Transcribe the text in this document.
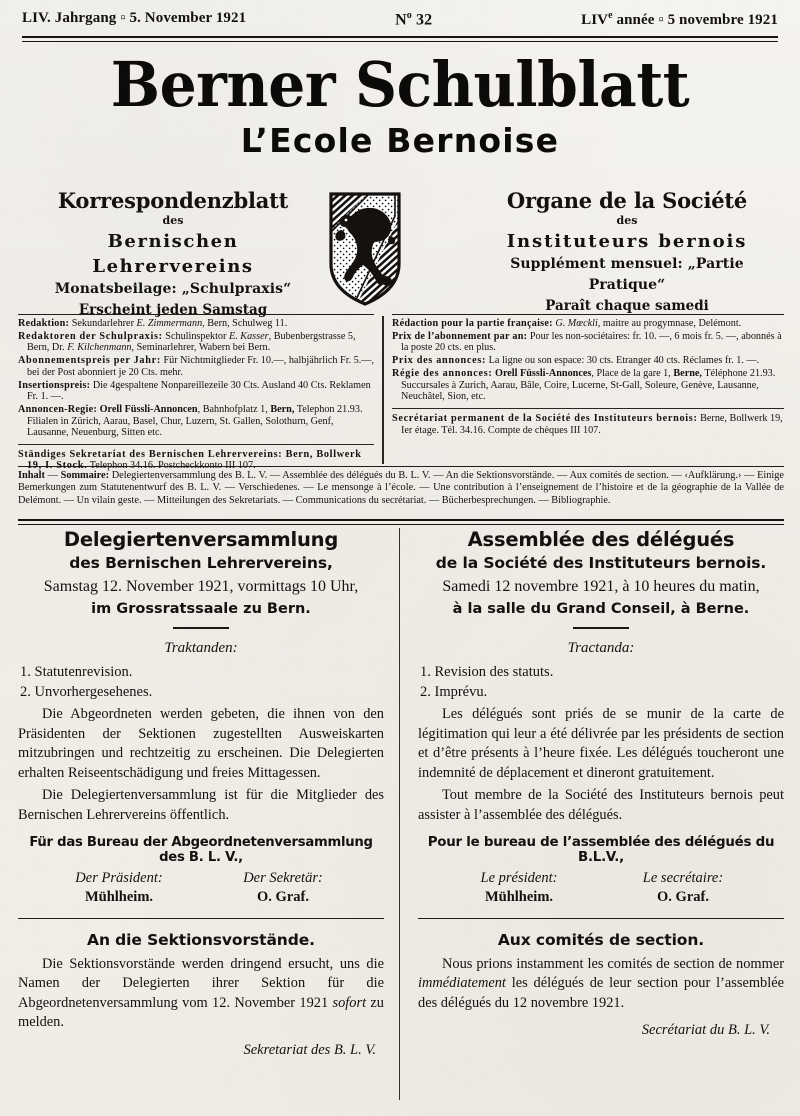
LIV. Jahrgang ▫ 5. November 1921	$N^o$ 32	LIVe année ▫ 5 novembre 1921
Berner Schulblatt
L’Ecole Bernoise
Korrespondenzblatt
des
Bernischen Lehrervereins
Monatsbeilage: „Schulpraxis“
Erscheint jeden Samstag
Organe de la Société
des
Instituteurs bernois
Supplément mensuel: „Partie Pratique“
Paraît chaque samedi

Redaktion: Sekundarlehrer E. Zimmermann, Bern, Schulweg 11.

Redaktoren der Schulpraxis: Schulinspektor E. Kasser, Bubenbergstrasse 5, Bern, Dr. F. Kilchenmann, Seminarlehrer, Wabern bei Bern.

Abonnementspreis per Jahr: Für Nichtmitglieder Fr. 10.—, halbjährlich Fr. 5.—, bei der Post abonniert je 20 Cts. mehr.

Insertionspreis: Die 4gespaltene Nonpareillezeile 30 Cts. Ausland 40 Cts. Reklamen Fr. 1. —.

Annoncen-Regie: Orell Füssli-Annoncen, Bahnhofplatz 1, Bern, Telephon 21.93. Filialen in Zürich, Aarau, Basel, Chur, Luzern, St. Gallen, Solothurn, Genf, Lausanne, Neuenburg, Sitten etc.

Ständiges Sekretariat des Bernischen Lehrervereins: Bern, Bollwerk 19, I. Stock. Telephon 34.16. Postcheckkonto III 107.

Rédaction pour la partie française: G. Mœckli, maitre au progymnase, Delémont.

Prix de l’abonnement par an: Pour les non-sociétaires: fr. 10. —, 6 mois fr. 5. —, abonnés à la poste 20 cts. en plus.

Prix des annonces: La ligne ou son espace: 30 cts. Etranger 40 cts. Réclames fr. 1. —.

Régie des annonces: Orell Füssli-Annonces, Place de la gare 1, Berne, Téléphone 21.93. Succursales à Zurich, Aarau, Bâle, Coire, Lucerne, St-Gall, Soleure, Genève, Lausanne, Neuchâtel, Sion, etc.

Secrétariat permanent de la Société des Instituteurs bernois: Berne, Bollwerk 19, Ier étage. Tél. 34.16. Compte de chèques III 107.

Inhalt — Sommaire: Delegiertenversammlung des B. L. V. — Assemblée des délégués du B. L. V. — An die Sektionsvorstände. — Aux comités de section. — ‹Aufklärung.› — Einige Bemerkungen zum Statutenentwurf des B. L. V. — Verschiedenes. — Le mensonge à l’école. — Une contribution à l’enseignement de l’histoire et de la géographie de la Vallée de Delémont. — Un vilain geste. — Mitteilungen des Sekretariats. — Communications du secrétariat. — Bücherbesprechungen. — Bibliographie.
Delegiertenversammlung
des Bernischen Lehrervereins,
Samstag 12. November 1921, vormittags 10 Uhr,
im Grossratssaale zu Bern.
Traktanden:
1. Statutenrevision.
2. Unvorhergesehenes.
Die Abgeordneten werden gebeten, die ihnen von den Präsidenten der Sektionen zugestellten Ausweiskarten mitzubringen und rechtzeitig zu erscheinen. Die Delegierten erhalten Reiseentschädigung und freies Mittagessen.
Die Delegiertenversammlung ist für die Mitglieder des Bernischen Lehrervereins öffentlich.
Für das Bureau der Abgeordnetenversammlung des B. L. V.,
Der Präsident:
Mühlheim.
Der Sekretär:
O. Graf.
An die Sektionsvorstände.
Die Sektionsvorstände werden dringend ersucht, uns die Namen der Delegierten ihrer Sektion für die Abgeordnetenversammlung vom 12. November 1921 sofort zu melden.
Sekretariat des B. L. V.
Assemblée des délégués
de la Société des Instituteurs bernois.
Samedi 12 novembre 1921, à 10 heures du matin,
à la salle du Grand Conseil, à Berne.
Tractanda:
1. Revision des statuts.
2. Imprévu.
Les délégués sont priés de se munir de la carte de légitimation qui leur a été délivrée par les présidents de section et d’être présents à l’heure fixée. Les délégués toucheront une indemnité de déplacement et dineront gratuitement.
Tout membre de la Société des Instituteurs bernois peut assister à l’assemblée des délégués.
Pour le bureau de l’assemblée des délégués du B.L.V.,
Le président:
Mühlheim.
Le secrétaire:
O. Graf.
Aux comités de section.
Nous prions instamment les comités de section de nommer immédiatement les délégués de leur section pour l’assemblée des délégués du 12 novembre 1921.
Secrétariat du B. L. V.
